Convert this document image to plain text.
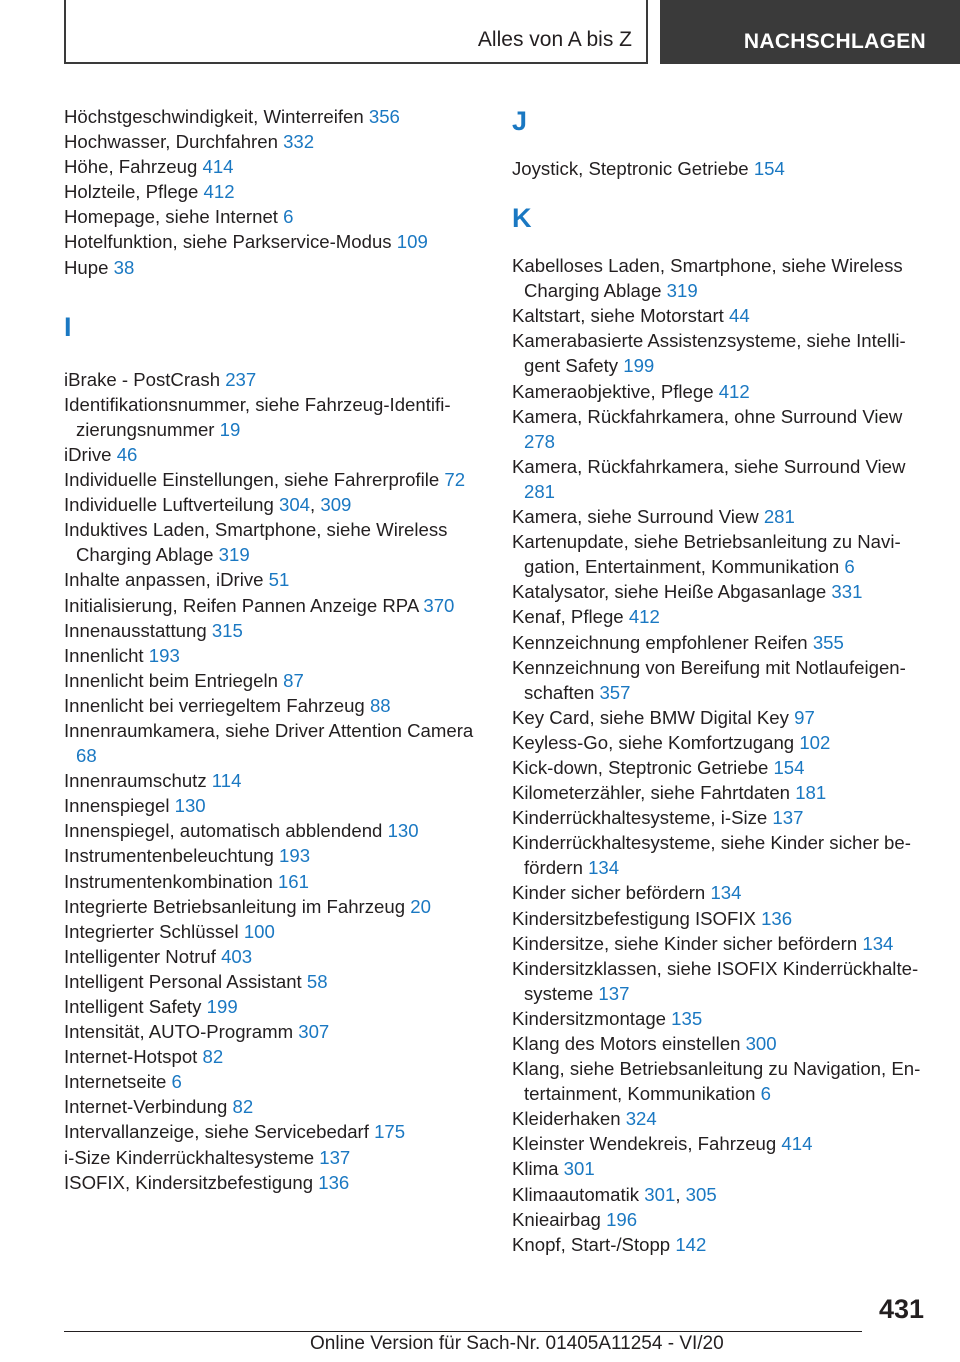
Alles von A bis Z	NACHSCHLAGEN
Höchstgeschwindigkeit, Winterreifen 356
Hochwasser, Durchfahren 332
Höhe, Fahrzeug 414
Holzteile, Pflege 412
Homepage, siehe Internet 6
Hotelfunktion, siehe Parkservice-Modus 109
Hupe 38
I
iBrake - PostCrash 237
Identifikationsnummer, siehe Fahrzeug-Identifizierungsnummer 19
iDrive 46
Individuelle Einstellungen, siehe Fahrerprofile 72
Individuelle Luftverteilung 304, 309
Induktives Laden, Smartphone, siehe Wireless Charging Ablage 319
Inhalte anpassen, iDrive 51
Initialisierung, Reifen Pannen Anzeige RPA 370
Innenausstattung 315
Innenlicht 193
Innenlicht beim Entriegeln 87
Innenlicht bei verriegeltem Fahrzeug 88
Innenraumkamera, siehe Driver Attention Camera 68
Innenraumschutz 114
Innenspiegel 130
Innenspiegel, automatisch abblendend 130
Instrumentenbeleuchtung 193
Instrumentenkombination 161
Integrierte Betriebsanleitung im Fahrzeug 20
Integrierter Schlüssel 100
Intelligenter Notruf 403
Intelligent Personal Assistant 58
Intelligent Safety 199
Intensität, AUTO-Programm 307
Internet-Hotspot 82
Internetseite 6
Internet-Verbindung 82
Intervallanzeige, siehe Servicebedarf 175
i-Size Kinderrückhaltesysteme 137
ISOFIX, Kindersitzbefestigung 136
J
Joystick, Steptronic Getriebe 154
K
Kabelloses Laden, Smartphone, siehe Wireless Charging Ablage 319
Kaltstart, siehe Motorstart 44
Kamerabasierte Assistenzsysteme, siehe Intelligent Safety 199
Kameraobjektive, Pflege 412
Kamera, Rückfahrkamera, ohne Surround View 278
Kamera, Rückfahrkamera, siehe Surround View 281
Kamera, siehe Surround View 281
Kartenupdate, siehe Betriebsanleitung zu Navigation, Entertainment, Kommunikation 6
Katalysator, siehe Heiße Abgasanlage 331
Kenaf, Pflege 412
Kennzeichnung empfohlener Reifen 355
Kennzeichnung von Bereifung mit Notlaufeigenschaften 357
Key Card, siehe BMW Digital Key 97
Keyless-Go, siehe Komfortzugang 102
Kick-down, Steptronic Getriebe 154
Kilometerzähler, siehe Fahrtdaten 181
Kinderrückhaltesysteme, i-Size 137
Kinderrückhaltesysteme, siehe Kinder sicher befördern 134
Kinder sicher befördern 134
Kindersitzbefestigung ISOFIX 136
Kindersitze, siehe Kinder sicher befördern 134
Kindersitzklassen, siehe ISOFIX Kinderrückhaltesysteme 137
Kindersitzmontage 135
Klang des Motors einstellen 300
Klang, siehe Betriebsanleitung zu Navigation, Entertainment, Kommunikation 6
Kleiderhaken 324
Kleinster Wendekreis, Fahrzeug 414
Klima 301
Klimaautomatik 301, 305
Knieairbag 196
Knopf, Start-/Stopp 142
431
Online Version für Sach-Nr. 01405A11254 - VI/20
